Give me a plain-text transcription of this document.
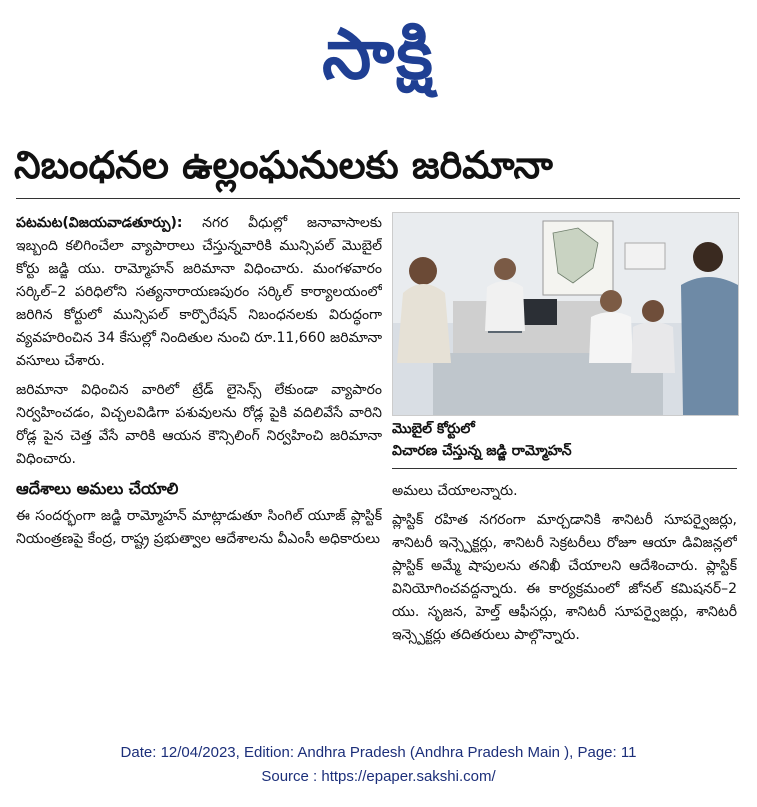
సాక్షి
నిబంధనల ఉల్లంఘనులకు జరిమానా

పటమట(విజయవాడతూర్పు): నగర వీధుల్లో జనావాసాలకు ఇబ్బంది కలిగించేలా వ్యాపారాలు చేస్తున్నవారికి మున్సిపల్ మొబైల్ కోర్టు జడ్జి యు. రామ్మోహన్ జరిమానా విధించారు. మంగళవారం సర్కిల్–2 పరిధిలోని సత్యనారాయణపురం సర్కిల్ కార్యాలయంలో జరిగిన కోర్టులో మున్సిపల్ కార్పొరేషన్ నిబంధనలకు విరుద్ధంగా వ్యవహరించిన 34 కేసుల్లో నిందితుల నుంచి రూ.11,660 జరిమానా వసూలు చేశారు.

జరిమానా విధించిన వారిలో ట్రేడ్ లైసెన్స్ లేకుండా వ్యాపారం నిర్వహించడం, విచ్చలవిడిగా పశువులను రోడ్ల పైకి వదిలివేసే వారిని రోడ్ల పైన చెత్త వేసే వారికి ఆయన కౌన్సిలింగ్ నిర్వహించి జరిమానా విధించారు.

ఆదేశాలు అమలు చేయాలి

ఈ సందర్భంగా జడ్జి రామ్మోహన్ మాట్లాడుతూ సింగిల్ యూజ్ ప్లాస్టిక్ నియంత్రణపై కేంద్ర, రాష్ట్ర ప్రభుత్వాల ఆదేశాలను వీఎంసీ అధికారులు

మొబైల్ కోర్టులో
విచారణ చేస్తున్న జడ్జి రామ్మోహన్

అమలు చేయాలన్నారు.

ప్లాస్టిక్ రహిత నగరంగా మార్చడానికి శానిటరీ సూపర్వైజర్లు, శానిటరీ ఇన్స్పెక్టర్లు, శానిటరీ సెక్రటరీలు రోజూ ఆయా డివిజన్లలో ప్లాస్టిక్ అమ్మే షాపులను తనిఖీ చేయాలని ఆదేశించారు. ప్లాస్టిక్ వినియోగించవద్దన్నారు. ఈ కార్యక్రమంలో జోనల్ కమిషనర్–2 యు. సృజన, హెల్త్ ఆఫీసర్లు, శానిటరీ సూపర్వైజర్లు, శానిటరీ ఇన్స్పెక్టర్లు తదితరులు పాల్గొన్నారు.

Date: 12/04/2023, Edition: Andhra Pradesh (Andhra Pradesh Main ), Page: 11
Source : https://epaper.sakshi.com/
